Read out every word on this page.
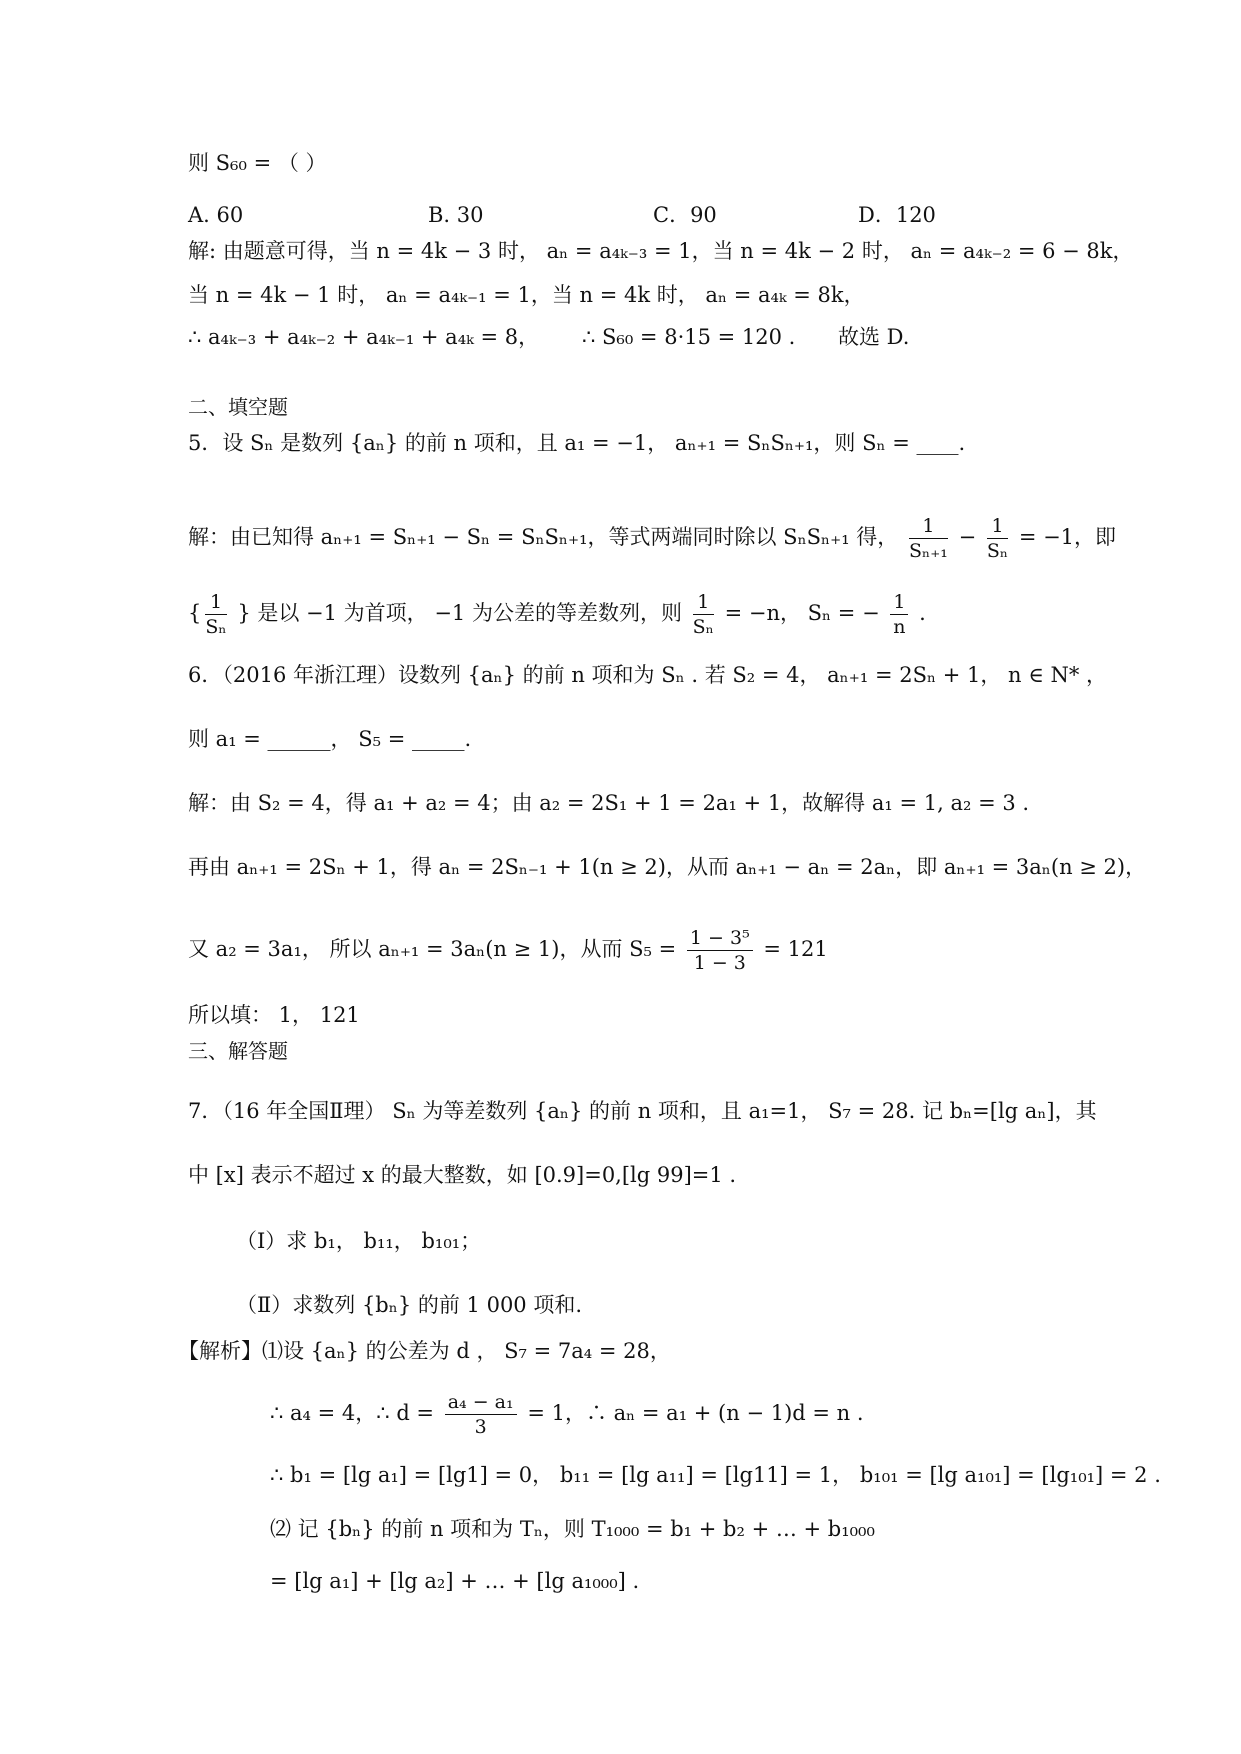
则 S₆₀ = （ ）
A. 60	B. 30	C．90	D．120
解: 由题意可得，当 n = 4k − 3 时， aₙ = a₄ₖ₋₃ = 1，当 n = 4k − 2 时， aₙ = a₄ₖ₋₂ = 6 − 8k，
当 n = 4k − 1 时， aₙ = a₄ₖ₋₁ = 1，当 n = 4k 时， aₙ = a₄ₖ = 8k，
∴ a₄ₖ₋₃ + a₄ₖ₋₂ + a₄ₖ₋₁ + a₄ₖ = 8， ∴ S₆₀ = 8·15 = 120 . 故选 D.
二、填空题
5．设 Sₙ 是数列 {aₙ} 的前 n 项和，且 a₁ = −1， aₙ₊₁ = SₙSₙ₊₁，则 Sₙ = ____.
解：由已知得 aₙ₊₁ = Sₙ₊₁ − Sₙ = SₙSₙ₊₁，等式两端同时除以 SₙSₙ₊₁ 得， $\frac{1}{\text{Sₙ₊₁}} - \frac{1}{\text{Sₙ}} = -1$，即
{ $\frac{1}{\text{Sₙ}}$ } 是以 −1 为首项， −1 为公差的等差数列，则 $\frac{1}{\text{Sₙ}} = -n$， Sₙ = − $\frac{1}{n}$ .
6．（2016 年浙江理）设数列 {aₙ} 的前 n 项和为 Sₙ . 若 S₂ = 4， aₙ₊₁ = 2Sₙ + 1， n ∈ N* ，
则 a₁ = ______， S₅ = _____.
解：由 S₂ = 4，得 a₁ + a₂ = 4；由 a₂ = 2S₁ + 1 = 2a₁ + 1，故解得 a₁ = 1, a₂ = 3 .
再由 aₙ₊₁ = 2Sₙ + 1，得 aₙ = 2Sₙ₋₁ + 1(n ≥ 2)，从而 aₙ₊₁ − aₙ = 2aₙ，即 aₙ₊₁ = 3aₙ(n ≥ 2)，
又 a₂ = 3a₁， 所以 aₙ₊₁ = 3aₙ(n ≥ 1)，从而 $S_5 = \frac{\text{1 − 3⁵}}{1 - 3} = 121$
所以填： 1， 121
三、解答题
7．（16 年全国Ⅱ理） Sₙ 为等差数列 {aₙ} 的前 n 项和，且 a₁=1， S₇ = 28. 记 bₙ=[lg aₙ]，其
中 [x] 表示不超过 x 的最大整数，如 [0.9]=0,[lg 99]=1 .
（Ⅰ）求 b₁， b₁₁， b₁₀₁；
（Ⅱ）求数列 {bₙ} 的前 1 000 项和.
【解析】⑴设 {aₙ} 的公差为 d ， S₇ = 7a₄ = 28，
∴ a₄ = 4，∴ $d = \frac{\text{a₄ − a₁}}{3} = 1$，∴ aₙ = a₁ + (n − 1)d = n .
∴ b₁ = [lg a₁] = [lg1] = 0， b₁₁ = [lg a₁₁] = [lg11] = 1， b₁₀₁ = [lg a₁₀₁] = [lg₁₀₁] = 2 .
⑵ 记 {bₙ} 的前 n 项和为 Tₙ，则 T₁₀₀₀ = b₁ + b₂ + … + b₁₀₀₀
= [lg a₁] + [lg a₂] + … + [lg a₁₀₀₀] .
